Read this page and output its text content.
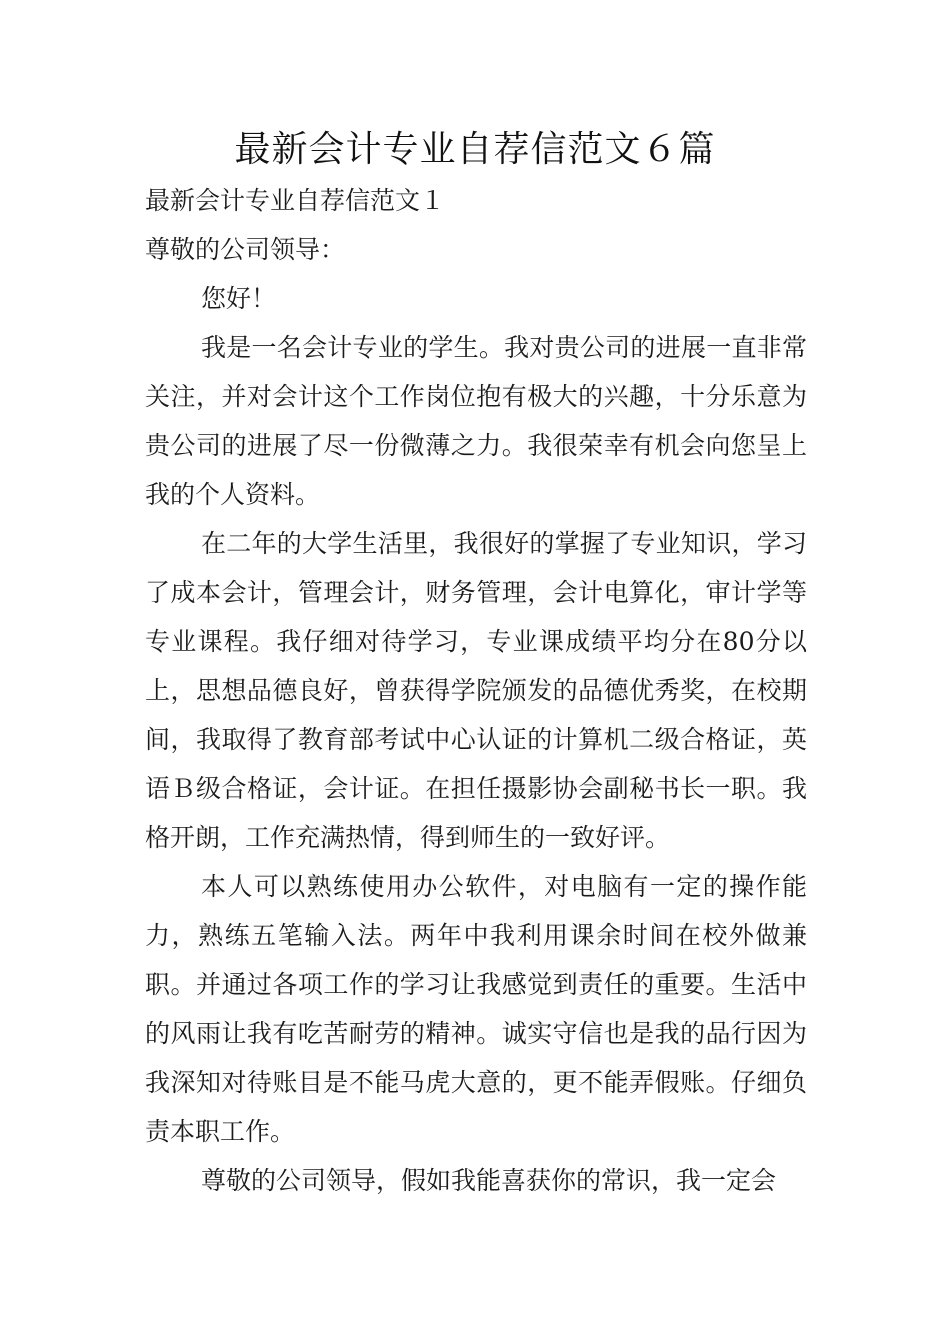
最新会计专业自荐信范文６篇

最新会计专业自荐信范文１

尊敬的公司领导：

您好！

我是一名会计专业的学生。我对贵公司的进展一直非常关注，并对会计这个工作岗位抱有极大的兴趣，十分乐意为贵公司的进展了尽一份微薄之力。我很荣幸有机会向您呈上我的个人资料。

在二年的大学生活里，我很好的掌握了专业知识，学习了成本会计，管理会计，财务管理，会计电算化，审计学等专业课程。我仔细对待学习，专业课成绩平均分在80分以上，思想品德良好，曾获得学院颁发的品德优秀奖，在校期间，我取得了教育部考试中心认证的计算机二级合格证，英语Ｂ级合格证，会计证。在担任摄影协会副秘书长一职。我格开朗，工作充满热情，得到师生的一致好评。

本人可以熟练使用办公软件，对电脑有一定的操作能力，熟练五笔输入法。两年中我利用课余时间在校外做兼职。并通过各项工作的学习让我感觉到责任的重要。生活中的风雨让我有吃苦耐劳的精神。诚实守信也是我的品行因为我深知对待账目是不能马虎大意的，更不能弄假账。仔细负责本职工作。

尊敬的公司领导，假如我能喜获你的常识，我一定会
